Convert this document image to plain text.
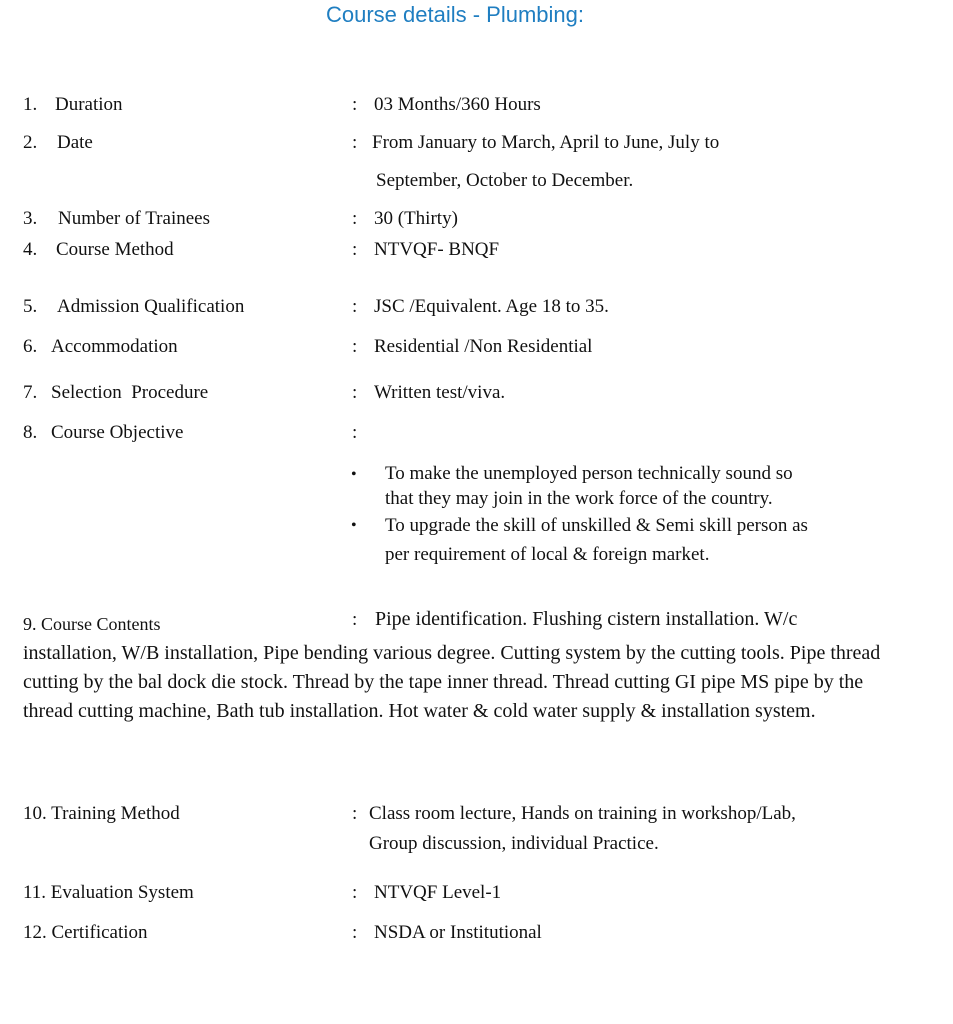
Course details - Plumbing:
1. Duration	: 03 Months/360 Hours
2. Date	: From January to March, April to June, July to
September, October to December.
3. Number of Trainees	: 30 (Thirty)
4. Course Method	: NTVQF- BNQF
5. Admission Qualification	: JSC /Equivalent. Age 18 to 35.
6. Accommodation	: Residential /Non Residential
7. Selection  Procedure	: Written test/viva.
8. Course Objective	:
• To make the unemployed person technically sound so
that they may join in the work force of the country.
• To upgrade the skill of unskilled & Semi skill person as
per requirement of local & foreign market.
9. Course Contents	: Pipe identification. Flushing cistern installation. W/c
installation, W/B installation, Pipe bending various degree. Cutting system by the cutting tools. Pipe thread cutting by the bal dock die stock. Thread by the tape inner thread. Thread cutting GI pipe MS pipe by the thread cutting machine, Bath tub installation. Hot water & cold water supply & installation system.
10. Training Method	: Class room lecture, Hands on training in workshop/Lab,
Group discussion, individual Practice.
11. Evaluation System	: NTVQF Level-1
12. Certification	: NSDA or Institutional
